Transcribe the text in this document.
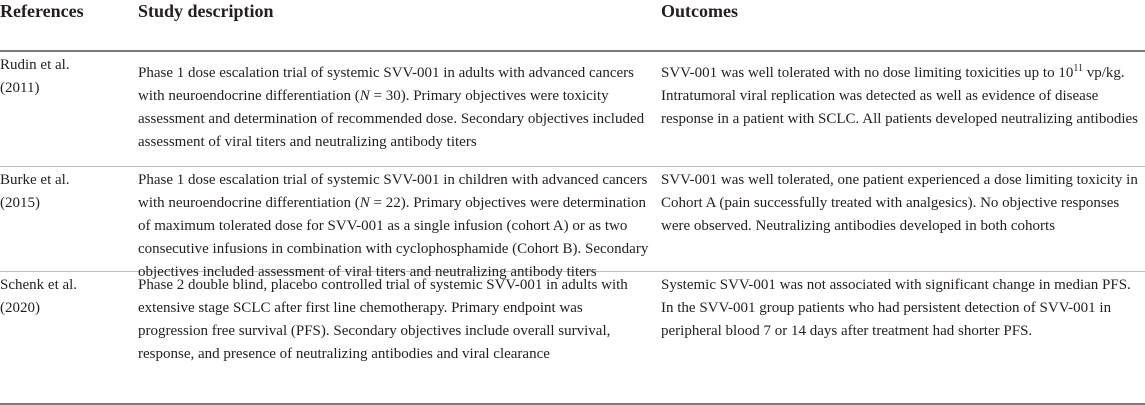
References	Study description	Outcomes
Rudin et al.
(2011)
Phase 1 dose escalation trial of systemic SVV-001 in adults with advanced cancers with neuroendocrine differentiation (N = 30). Primary objectives were toxicity assessment and determination of recommended dose. Secondary objectives included assessment of viral titers and neutralizing antibody titers
SVV-001 was well tolerated with no dose limiting toxicities up to $10^{11}$ vp/kg. Intratumoral viral replication was detected as well as evidence of disease response in a patient with SCLC. All patients developed neutralizing antibodies
Burke et al.
(2015)
Phase 1 dose escalation trial of systemic SVV-001 in children with advanced cancers with neuroendocrine differentiation (N = 22). Primary objectives were determination of maximum tolerated dose for SVV-001 as a single infusion (cohort A) or as two consecutive infusions in combination with cyclophosphamide (Cohort B). Secondary objectives included assessment of viral titers and neutralizing antibody titers
SVV-001 was well tolerated, one patient experienced a dose limiting toxicity in Cohort A (pain successfully treated with analgesics). No objective responses were observed. Neutralizing antibodies developed in both cohorts
Schenk et al.
(2020)
Phase 2 double blind, placebo controlled trial of systemic SVV-001 in adults with extensive stage SCLC after first line chemotherapy. Primary endpoint was progression free survival (PFS). Secondary objectives include overall survival, response, and presence of neutralizing antibodies and viral clearance
Systemic SVV-001 was not associated with significant change in median PFS. In the SVV-001 group patients who had persistent detection of SVV-001 in peripheral blood 7 or 14 days after treatment had shorter PFS.
